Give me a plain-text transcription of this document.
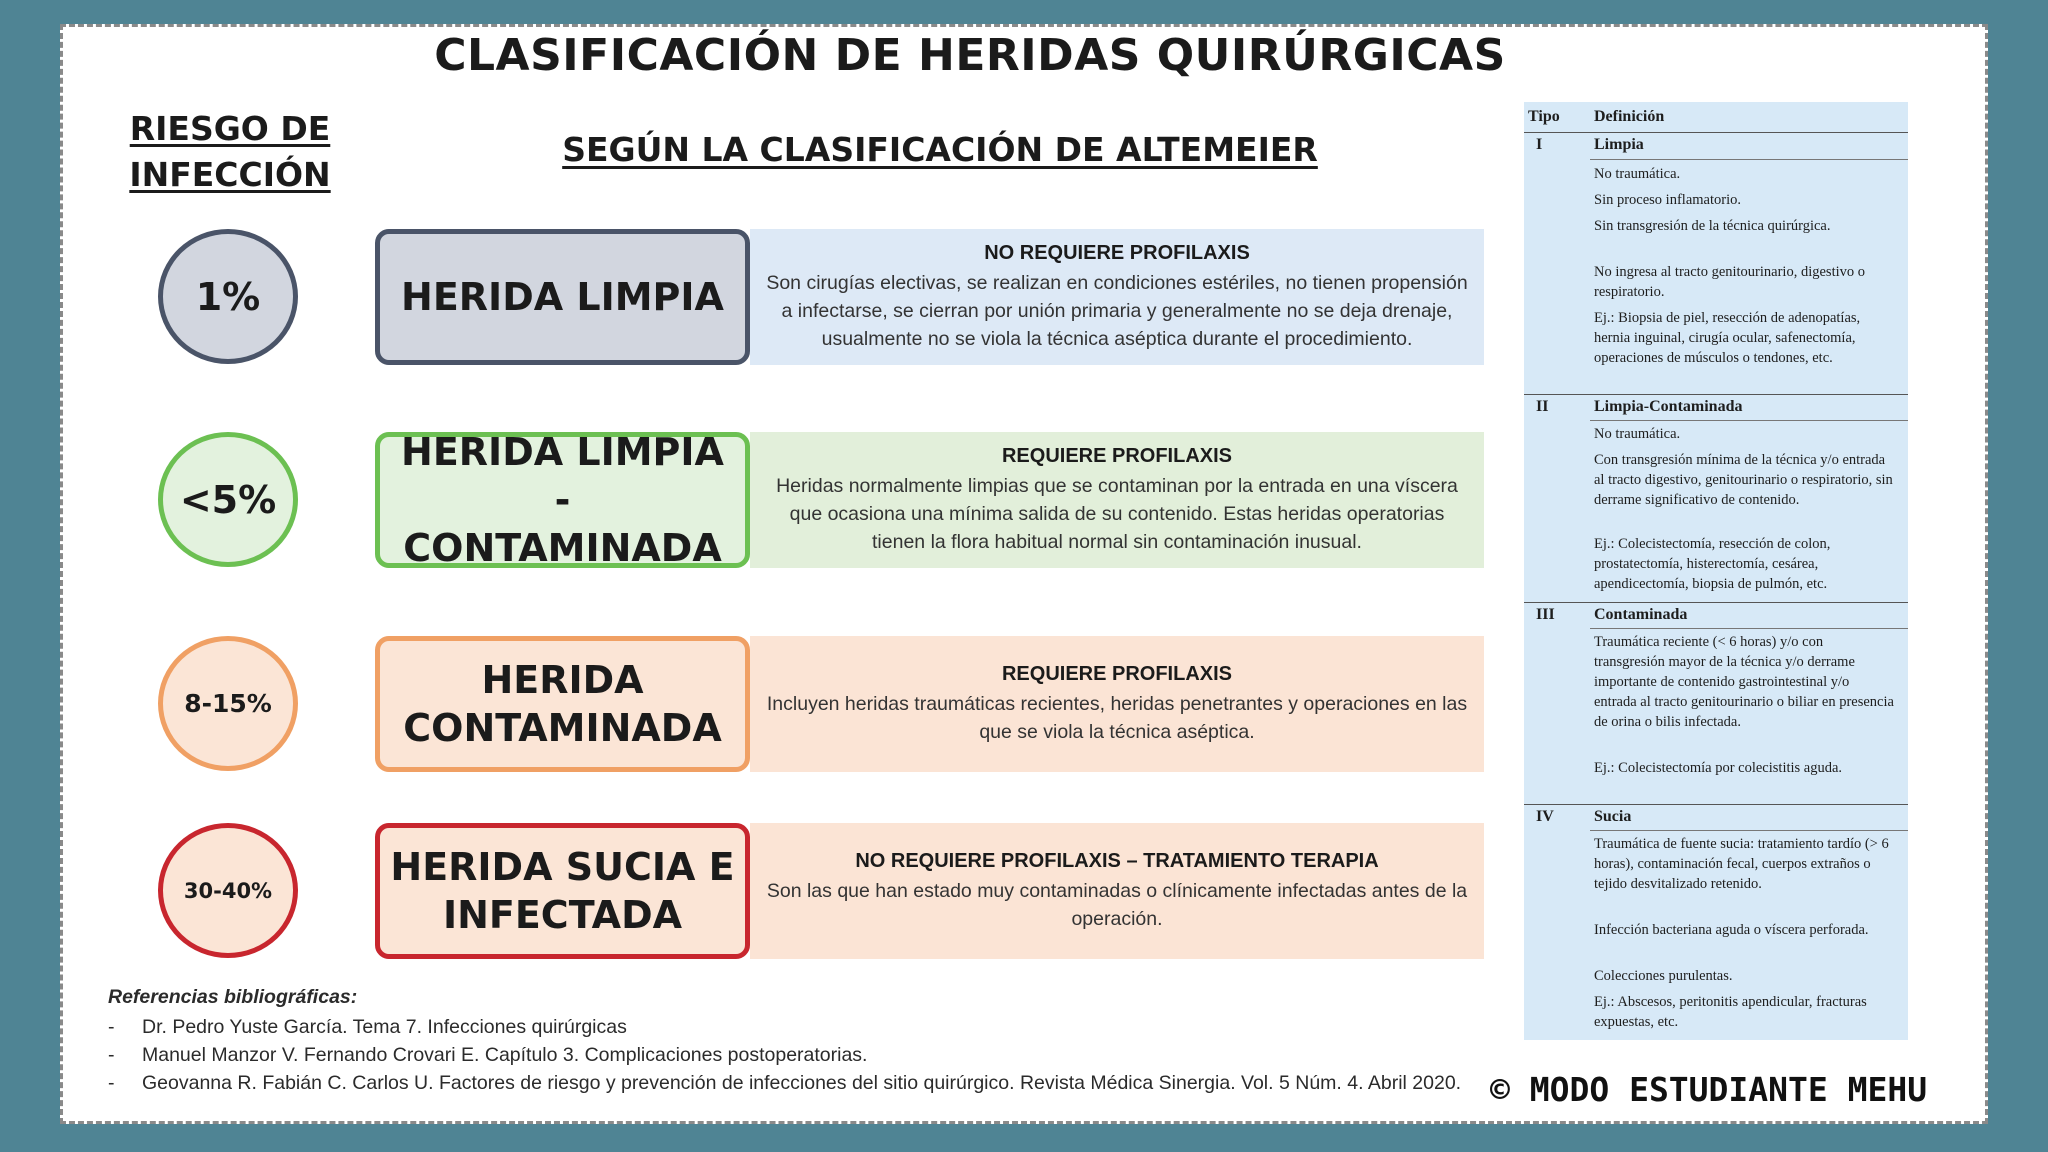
CLASIFICACIÓN DE HERIDAS QUIRÚRGICAS
RIESGO DE
INFECCIÓN
SEGÚN LA CLASIFICACIÓN DE ALTEMEIER
1%	HERIDA LIMPIA
NO REQUIERE PROFILAXIS
Son cirugías electivas, se realizan en condiciones estériles, no tienen propensión a infectarse, se cierran por unión primaria y generalmente no se deja drenaje, usualmente no se viola la técnica aséptica durante el procedimiento.
<5%
HERIDA LIMPIA - CONTAMINADA
REQUIERE PROFILAXIS
Heridas normalmente limpias que se contaminan por la entrada en una víscera que ocasiona una mínima salida de su contenido. Estas heridas operatorias tienen la flora habitual normal sin contaminación inusual.
8-15%
HERIDA CONTAMINADA
REQUIERE PROFILAXIS
Incluyen heridas traumáticas recientes, heridas penetrantes y operaciones en las que se viola la técnica aséptica.
30-40%
HERIDA SUCIA E INFECTADA
NO REQUIERE PROFILAXIS – TRATAMIENTO TERAPIA
Son las que han estado muy contaminadas o clínicamente infectadas antes de la operación.
Referencias bibliográficas:
- Dr. Pedro Yuste García. Tema 7. Infecciones quirúrgicas
- Manuel Manzor V. Fernando Crovari E. Capítulo 3. Complicaciones postoperatorias.
- Geovanna R. Fabián C. Carlos U. Factores de riesgo y prevención de infecciones del sitio quirúrgico. Revista Médica Sinergia. Vol. 5 Núm. 4. Abril 2020.
Tipo Definición
I	Limpia
No traumática.
Sin proceso inflamatorio.
Sin transgresión de la técnica quirúrgica.
No ingresa al tracto genitourinario, digestivo o respiratorio.
Ej.: Biopsia de piel, resección de adenopatías, hernia inguinal, cirugía ocular, safenectomía, operaciones de músculos o tendones, etc.
II	Limpia-Contaminada
No traumática.
Con transgresión mínima de la técnica y/o entrada al tracto digestivo, genitourinario o respiratorio, sin derrame significativo de contenido.
Ej.: Colecistectomía, resección de colon, prostatectomía, histerectomía, cesárea, apendicectomía, biopsia de pulmón, etc.
III Contaminada
Traumática reciente (< 6 horas) y/o con transgresión mayor de la técnica y/o derrame importante de contenido gastrointestinal y/o entrada al tracto genitourinario o biliar en presencia de orina o bilis infectada.
Ej.: Colecistectomía por colecistitis aguda.
IV	Sucia
Traumática de fuente sucia: tratamiento tardío (> 6 horas), contaminación fecal, cuerpos extraños o tejido desvitalizado retenido.
Infección bacteriana aguda o víscera perforada.
Colecciones purulentas.
Ej.: Abscesos, peritonitis apendicular, fracturas expuestas, etc.
© MODO ESTUDIANTE MEHU
